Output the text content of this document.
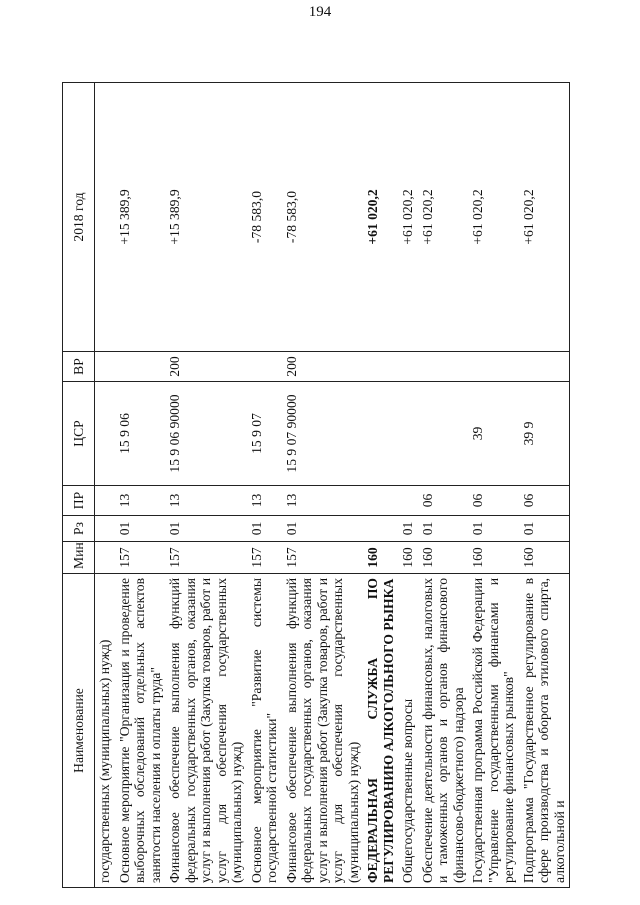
194
Наименование	Мин	Рз	ПР	ЦСР	ВР	2018 год
государственных (муниципальных) нужд)						
Основное мероприятие "Организация и проведение выборочных обследований отдельных аспектов занятости населения и оплаты труда"	157	01	13	15 9 06		+15 389,9
Финансовое обеспечение выполнения функций федеральных государственных органов, оказания услуг и выполнения работ (Закупка товаров, работ и услуг для обеспечения государственных (муниципальных) нужд)	157	01	13	15 9 06 90000	200	+15 389,9
Основное мероприятие "Развитие системы государственной статистики"	157	01	13	15 9 07		-78 583,0
Финансовое обеспечение выполнения функций федеральных государственных органов, оказания услуг и выполнения работ (Закупка товаров, работ и услуг для обеспечения государственных (муниципальных) нужд)	157	01	13	15 9 07 90000	200	-78 583,0
ФЕДЕРАЛЬНАЯ СЛУЖБА ПО РЕГУЛИРОВАНИЮ АЛКОГОЛЬНОГО РЫНКА	160					+61 020,2
Общегосударственные вопросы	160	01				+61 020,2
Обеспечение деятельности финансовых, налоговых и таможенных органов и органов финансового (финансово-бюджетного) надзора	160	01	06			+61 020,2
Государственная программа Российской Федерации "Управление государственными финансами и регулирование финансовых рынков"	160	01	06	39		+61 020,2
Подпрограмма "Государственное регулирование в сфере производства и оборота этилового спирта, алкогольной и	160	01	06	39 9		+61 020,2
